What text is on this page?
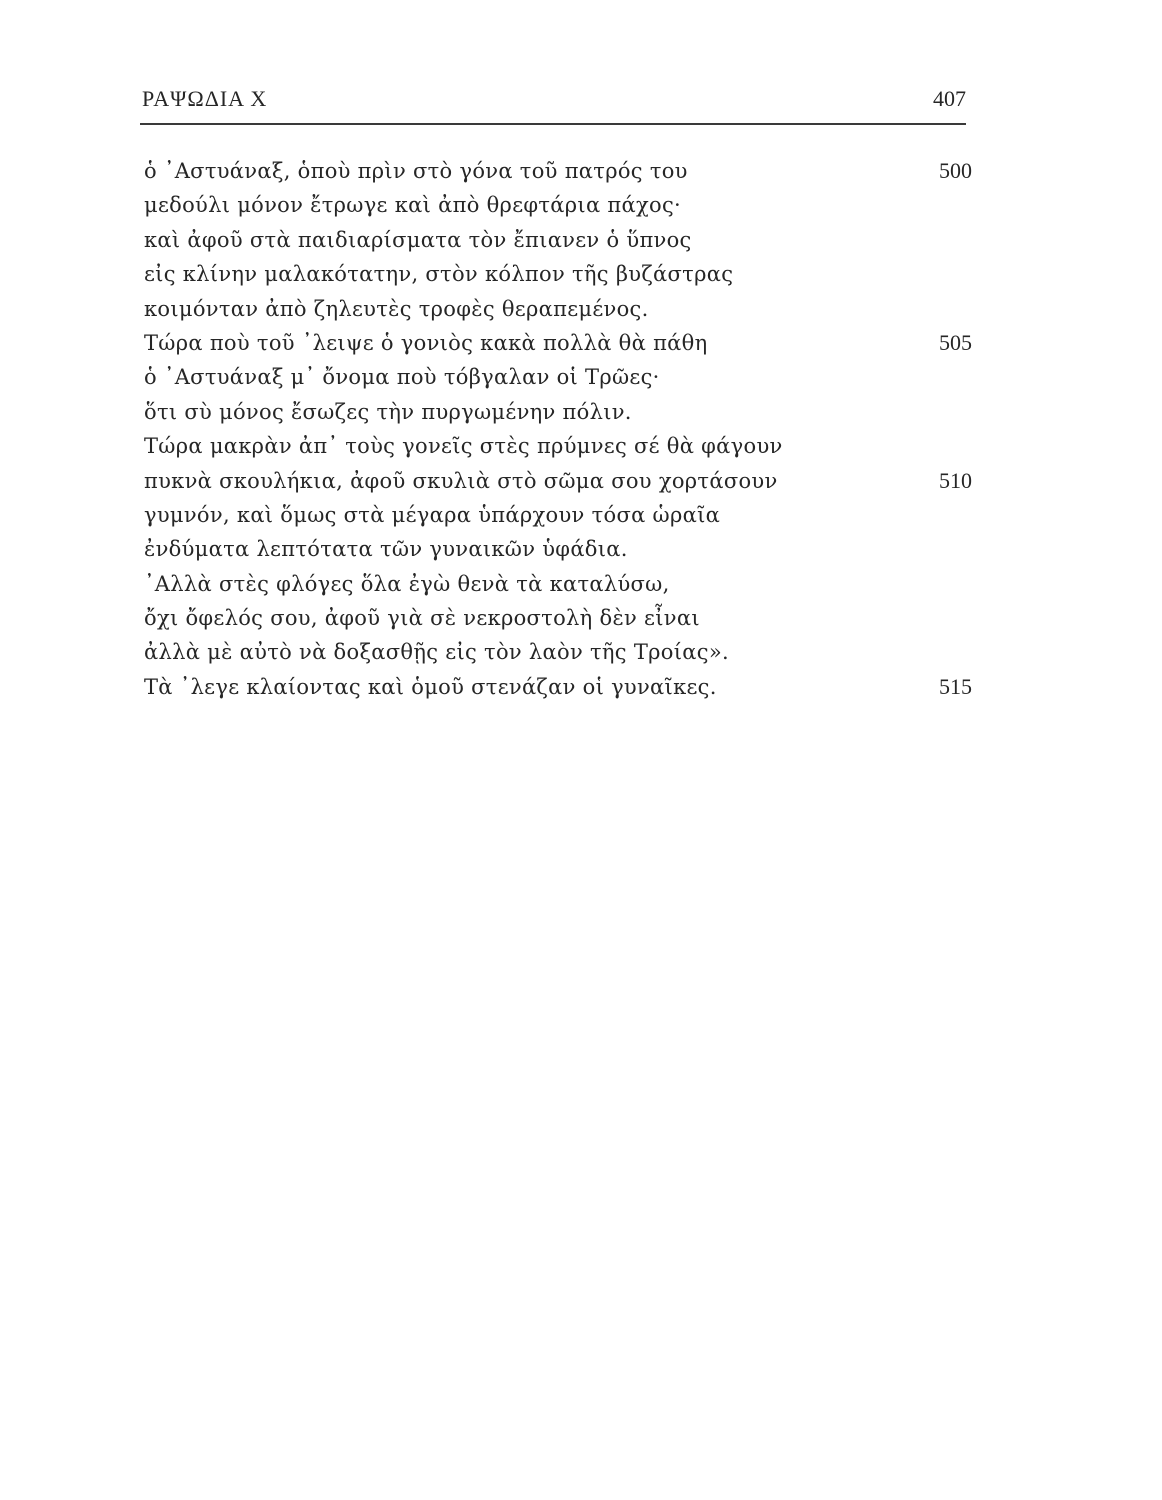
ΡΑΨΩΔΙΑ Χ	407
ὁ ᾿Αστυάναξ, ὁποὺ πρὶν στὸ γόνα τοῦ πατρός του	500
μεδούλι μόνον ἔτρωγε καὶ ἀπὸ θρεφτάρια πάχος·
καὶ ἀφοῦ στὰ παιδιαρίσματα τὸν ἔπιανεν ὁ ὕπνος
εἰς κλίνην μαλακότατην, στὸν κόλπον τῆς βυζάστρας
κοιμόνταν ἀπὸ ζηλευτὲς τροφὲς θεραπεμένος.
Τώρα ποὺ τοῦ ᾿λειψε ὁ γονιὸς κακὰ πολλὰ θὰ πάθη	505
ὁ ᾿Αστυάναξ μ᾿ ὄνομα ποὺ τόβγαλαν οἱ Τρῶες·
ὅτι σὺ μόνος ἔσωζες τὴν πυργωμένην πόλιν.
Τώρα μακρὰν ἀπ᾿ τοὺς γονεῖς στὲς πρύμνες σέ θὰ φάγουν
πυκνὰ σκουλήκια, ἀφοῦ σκυλιὰ στὸ σῶμα σου χορτάσουν	510
γυμνόν, καὶ ὅμως στὰ μέγαρα ὑπάρχουν τόσα ὡραῖα
ἐνδύματα λεπτότατα τῶν γυναικῶν ὑφάδια.
᾿Αλλὰ στὲς φλόγες ὅλα ἐγὼ θενὰ τὰ καταλύσω,
ὄχι ὄφελός σου, ἀφοῦ γιὰ σὲ νεκροστολὴ δὲν εἶναι
ἀλλὰ μὲ αὐτὸ νὰ δοξασθῇς εἰς τὸν λαὸν τῆς Τροίας».
Τὰ ᾿λεγε κλαίοντας καὶ ὁμοῦ στενάζαν οἱ γυναῖκες.	515
